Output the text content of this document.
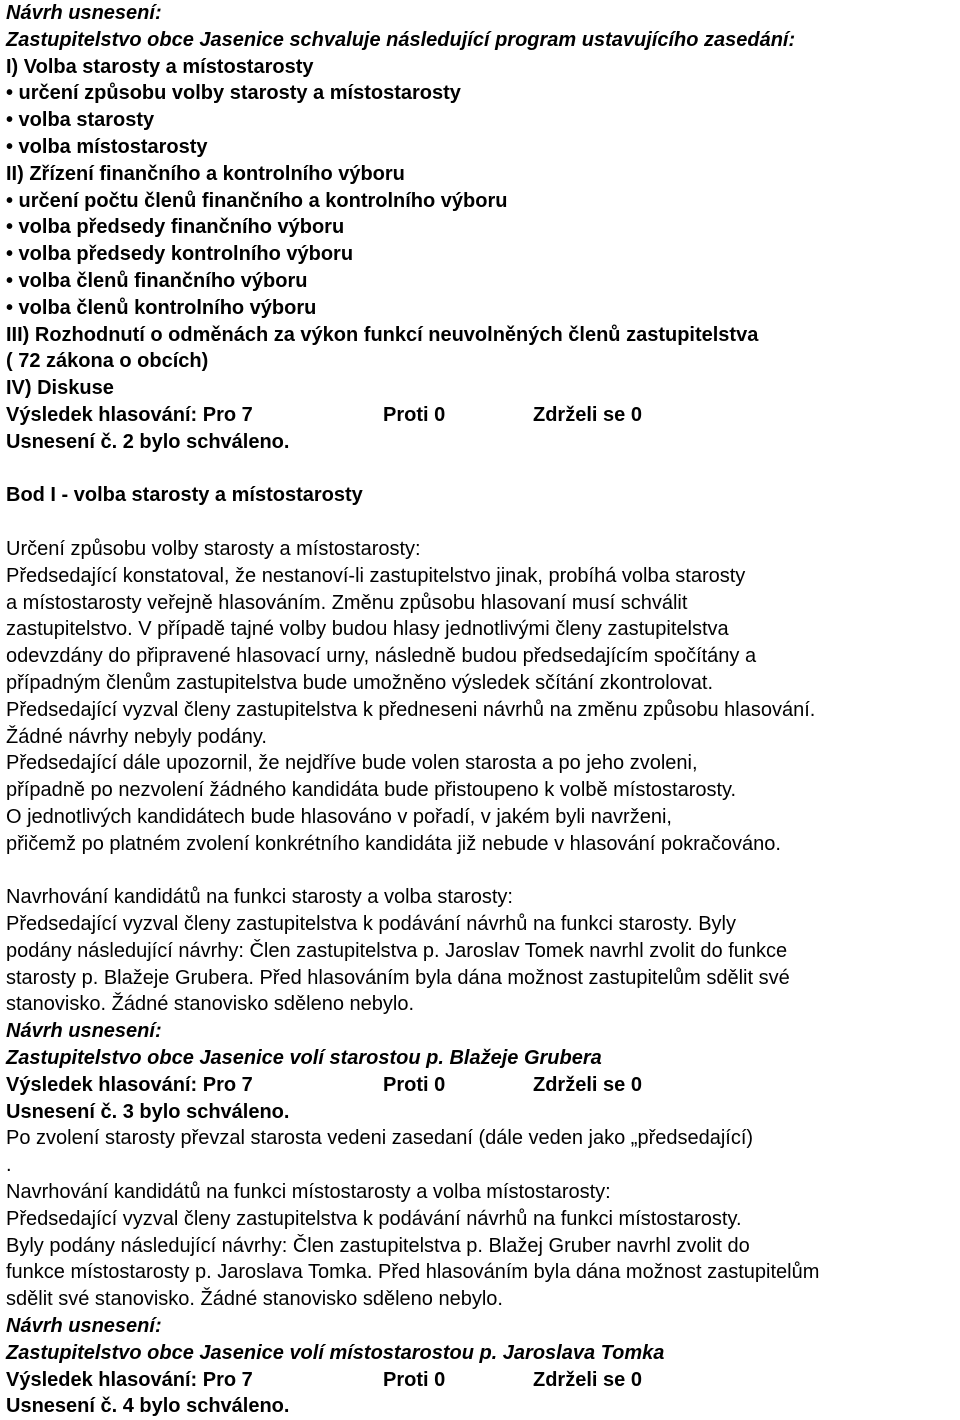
Návrh usnesení:
Zastupitelstvo obce Jasenice schvaluje následující program ustavujícího zasedání:
I) Volba starosty a místostarosty
• určení způsobu volby starosty a místostarosty
• volba starosty
• volba místostarosty
II) Zřízení finančního a kontrolního výboru
• určení počtu členů finančního a kontrolního výboru
• volba předsedy finančního výboru
• volba předsedy kontrolního výboru
• volba členů finančního výboru
• volba členů kontrolního výboru
III) Rozhodnutí o odměnách za výkon funkcí neuvolněných členů zastupitelstva
( 72 zákona o obcích)
IV) Diskuse
Výsledek hlasování: Pro 7	Proti 0	Zdrželi se 0
Usnesení č. 2 bylo schváleno.
Bod I - volba starosty a místostarosty
Určení způsobu volby starosty a místostarosty:
Předsedající konstatoval, že nestanoví-li zastupitelstvo jinak, probíhá volba starosty
a místostarosty veřejně hlasováním. Změnu způsobu hlasovaní musí schválit
zastupitelstvo. V případě tajné volby budou hlasy jednotlivými členy zastupitelstva
odevzdány do připravené hlasovací urny, následně budou předsedajícím spočítány a
případným členům zastupitelstva bude umožněno výsledek sčítání zkontrolovat.
Předsedající vyzval členy zastupitelstva k předneseni návrhů na změnu způsobu hlasování.
Žádné návrhy nebyly podány.
Předsedající dále upozornil, že nejdříve bude volen starosta a po jeho zvoleni,
případně po nezvolení žádného kandidáta bude přistoupeno k volbě místostarosty.
O jednotlivých kandidátech bude hlasováno v pořadí, v jakém byli navrženi,
přičemž po platném zvolení konkrétního kandidáta již nebude v hlasování pokračováno.
Navrhování kandidátů na funkci starosty a volba starosty:
Předsedající vyzval členy zastupitelstva k podávání návrhů na funkci starosty. Byly
podány následující návrhy: Člen zastupitelstva p. Jaroslav Tomek navrhl zvolit do funkce
starosty p. Blažeje Grubera. Před hlasováním byla dána možnost zastupitelům sdělit své
stanovisko. Žádné stanovisko sděleno nebylo.
Návrh usnesení:
Zastupitelstvo obce Jasenice volí starostou p. Blažeje Grubera
Výsledek hlasování: Pro 7	Proti 0	Zdrželi se 0
Usnesení č. 3 bylo schváleno.
Po zvolení starosty převzal starosta vedeni zasedaní (dále veden jako „předsedající)
.
Navrhování kandidátů na funkci místostarosty a volba místostarosty:
Předsedající vyzval členy zastupitelstva k podávání návrhů na funkci místostarosty.
Byly podány následující návrhy: Člen zastupitelstva p. Blažej Gruber navrhl zvolit do
funkce místostarosty p. Jaroslava Tomka. Před hlasováním byla dána možnost zastupitelům
sdělit své stanovisko. Žádné stanovisko sděleno nebylo.
Návrh usnesení:
Zastupitelstvo obce Jasenice volí místostarostou p. Jaroslava Tomka
Výsledek hlasování: Pro 7	Proti 0	Zdrželi se 0
Usnesení č. 4 bylo schváleno.
